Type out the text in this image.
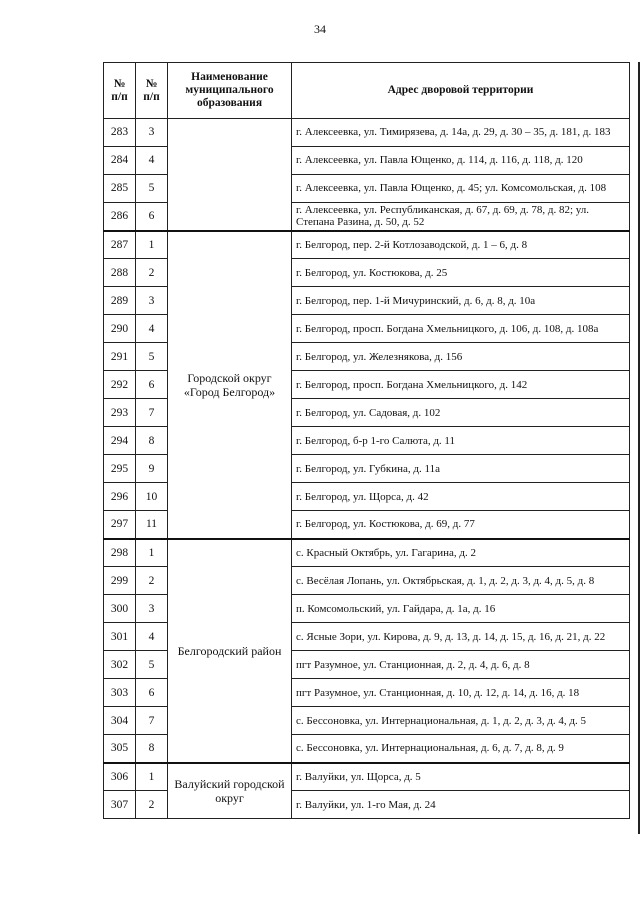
34
№ п/п	№ п/п	Наименование муниципального образования	Адрес дворовой территории
283	3		г. Алексеевка, ул. Тимирязева, д. 14а, д. 29, д. 30 – 35, д. 181, д. 183
284	4		г. Алексеевка, ул. Павла Ющенко, д. 114, д. 116, д. 118, д. 120
285	5		г. Алексеевка, ул. Павла Ющенко, д. 45; ул. Комсомольская, д. 108
286	6		г. Алексеевка, ул. Республиканская, д. 67, д. 69, д. 78, д. 82; ул. Степана Разина, д. 50, д. 52
287	1	Городской округ «Город Белгород»	г. Белгород, пер. 2-й Котлозаводской, д. 1 – 6, д. 8
288	2		г. Белгород, ул. Костюкова, д. 25
289	3		г. Белгород, пер. 1-й Мичуринский, д. 6, д. 8, д. 10а
290	4		г. Белгород, просп. Богдана Хмельницкого, д. 106, д. 108, д. 108а
291	5		г. Белгород, ул. Железнякова, д. 156
292	6		г. Белгород, просп. Богдана Хмельницкого, д. 142
293	7		г. Белгород, ул. Садовая, д. 102
294	8		г. Белгород, б-р 1-го Салюта, д. 11
295	9		г. Белгород, ул. Губкина, д. 11а
296	10		г. Белгород, ул. Щорса, д. 42
297	11		г. Белгород, ул. Костюкова, д. 69, д. 77
298	1	Белгородский район	с. Красный Октябрь, ул. Гагарина, д. 2
299	2		с. Весёлая Лопань, ул. Октябрьская, д. 1, д. 2, д. 3, д. 4, д. 5, д. 8
300	3		п. Комсомольский, ул. Гайдара, д. 1а, д. 16
301	4		с. Ясные Зори, ул. Кирова, д. 9, д. 13, д. 14, д. 15, д. 16, д. 21, д. 22
302	5		пгт Разумное, ул. Станционная, д. 2, д. 4, д. 6, д. 8
303	6		пгт Разумное, ул. Станционная, д. 10, д. 12, д. 14, д. 16, д. 18
304	7		с. Бессоновка, ул. Интернациональная, д. 1, д. 2, д. 3, д. 4, д. 5
305	8		с. Бессоновка, ул. Интернациональная, д. 6, д. 7, д. 8, д. 9
306	1	Валуйский городской округ	г. Валуйки, ул. Щорса, д. 5
307	2		г. Валуйки, ул. 1-го Мая, д. 24
